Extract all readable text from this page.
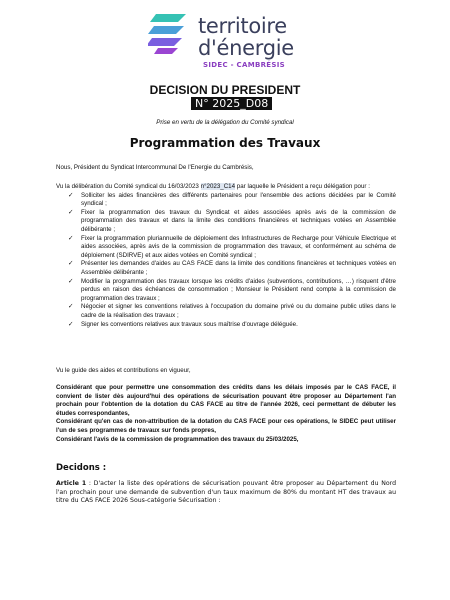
territoire
d'énergie
SIDEC - CAMBRÉSIS
DECISION DU PRESIDENT
N° 2025_D08
Prise en vertu de la délégation du Comité syndical
Programmation des Travaux

Nous, Président du Syndicat Intercommunal De l'Energie du Cambrésis,

Vu la délibération du Comité syndical du 16/03/2023 n°2023_C14 par laquelle le Président a reçu délégation pour :

✓ Solliciter les aides financières des différents partenaires pour l'ensemble des actions décidées par le Comité syndical ;
✓ Fixer la programmation des travaux du Syndicat et aides associées après avis de la commission de programmation des travaux et dans la limite des conditions financières et techniques votées en Assemblée délibérante ;
✓ Fixer la programmation pluriannuelle de déploiement des Infrastructures de Recharge pour Véhicule Electrique et aides associées, après avis de la commission de programmation des travaux, et conformément au schéma de déploiement (SDIRVE) et aux aides votées en Comité syndical ;
✓ Présenter les demandes d'aides au CAS FACE dans la limite des conditions financières et techniques votées en Assemblée délibérante ;
✓ Modifier la programmation des travaux lorsque les crédits d'aides (subventions, contributions, …) risquent d'être perdus en raison des échéances de consommation ; Monsieur le Président rend compte à la commission de programmation des travaux ;
✓ Négocier et signer les conventions relatives à l'occupation du domaine privé ou du domaine public utiles dans le cadre de la réalisation des travaux ;
✓ Signer les conventions relatives aux travaux sous maîtrise d'ouvrage déléguée.

Vu le guide des aides et contributions en vigueur,

Considérant que pour permettre une consommation des crédits dans les délais imposés par le CAS FACE, il convient de lister dès aujourd'hui des opérations de sécurisation pouvant être proposer au Département l'an prochain pour l'obtention de la dotation du CAS FACE au titre de l'année 2026, ceci permettant de débuter les études correspondantes,

Considérant qu'en cas de non-attribution de la dotation du CAS FACE pour ces opérations, le SIDEC peut utiliser l'un de ses programmes de travaux sur fonds propres,

Considérant l'avis de la commission de programmation des travaux du 25/03/2025,

Decidons :

Article 1 : D'acter la liste des opérations de sécurisation pouvant être proposer au Département du Nord l'an prochain pour une demande de subvention d'un taux maximum de 80% du montant HT des travaux au titre du CAS FACE 2026 Sous-catégorie Sécurisation :
